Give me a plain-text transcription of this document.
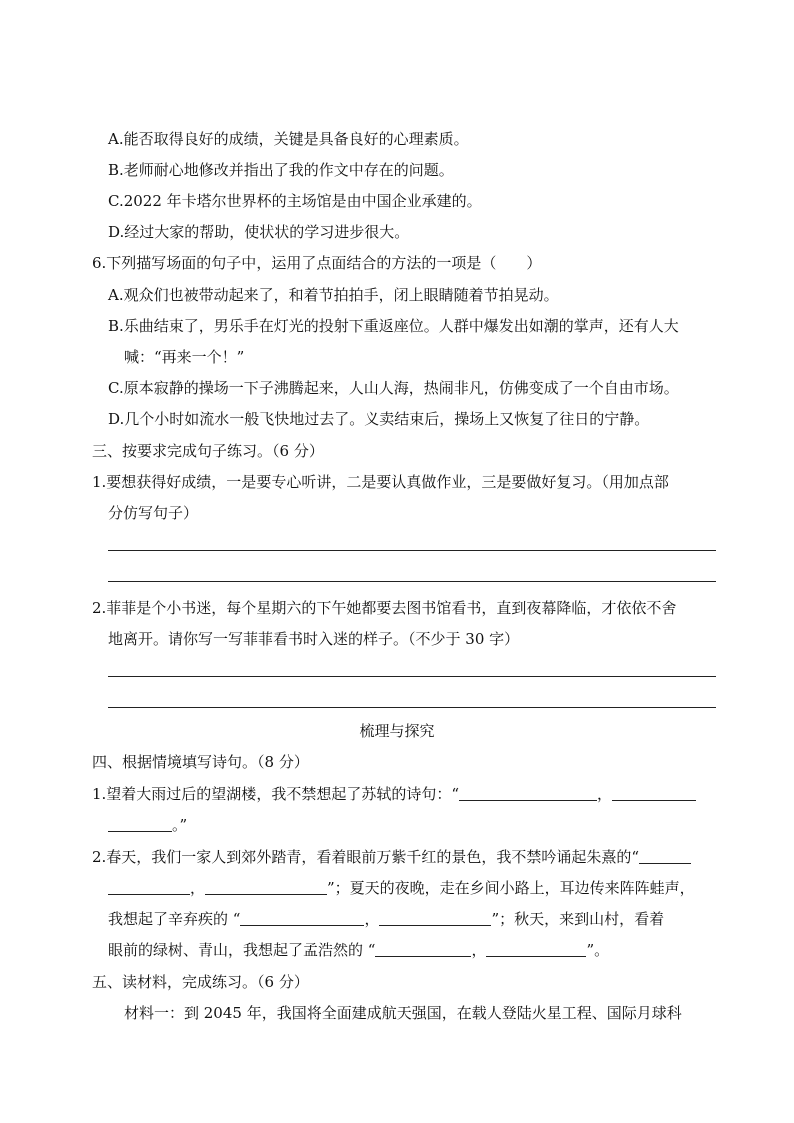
A.能否取得良好的成绩，关键是具备良好的心理素质。
B.老师耐心地修改并指出了我的作文中存在的问题。
C.2022 年卡塔尔世界杯的主场馆是由中国企业承建的。
D.经过大家的帮助，使状状的学习进步很大。
6.下列描写场面的句子中，运用了点面结合的方法的一项是（　　）
A.观众们也被带动起来了，和着节拍拍手，闭上眼睛随着节拍晃动。
B.乐曲结束了，男乐手在灯光的投射下重返座位。人群中爆发出如潮的掌声，还有人大
喊：“再来一个！”
C.原本寂静的操场一下子沸腾起来，人山人海，热闹非凡，仿佛变成了一个自由市场。
D.几个小时如流水一般飞快地过去了。义卖结束后，操场上又恢复了往日的宁静。
三、按要求完成句子练习。（6 分）
1.要想获得好成绩，一是要专心听讲，二是要认真做作业，三是要做好复习。（用加点部
分仿写句子）
2.菲菲是个小书迷，每个星期六的下午她都要去图书馆看书，直到夜幕降临，才依依不舍
地离开。请你写一写菲菲看书时入迷的样子。（不少于 30 字）
梳理与探究
四、根据情境填写诗句。（8 分）
1.望着大雨过后的望湖楼，我不禁想起了苏轼的诗句：“	，
。”
2.春天，我们一家人到郊外踏青，看着眼前万紫千红的景色，我不禁吟诵起朱熹的“
，	”；夏天的夜晚，走在乡间小路上，耳边传来阵阵蛙声，
我想起了辛弃疾的 “	，	”；秋天，来到山村，看着
眼前的绿树、青山，我想起了孟浩然的 “	，	”。
五、读材料，完成练习。（6 分）
材料一：到 2045 年，我国将全面建成航天强国，在载人登陆火星工程、国际月球科
